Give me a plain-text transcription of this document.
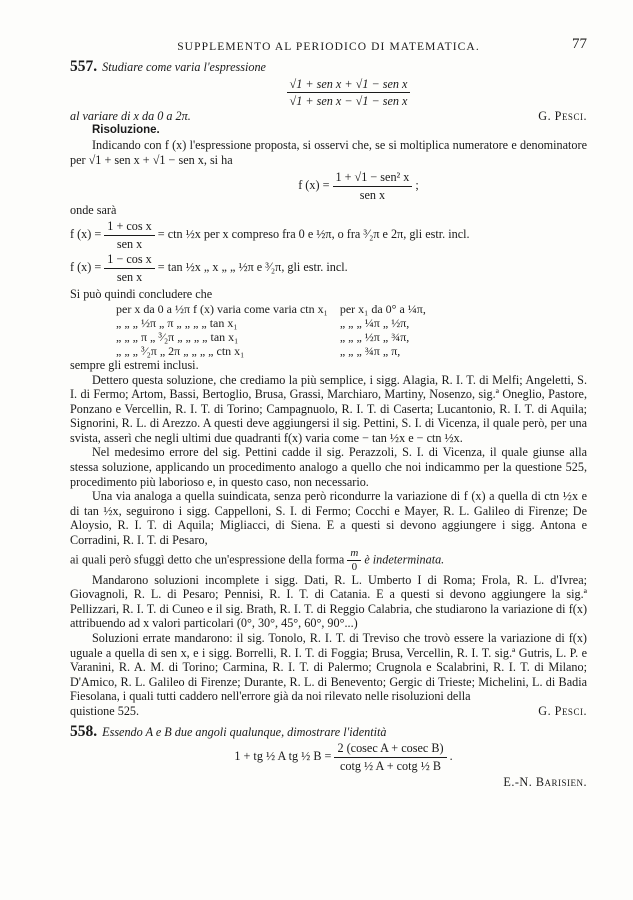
SUPPLEMENTO AL PERIODICO DI MATEMATICA.	77

557. Studiare come varia l'espressione

$\frac{\text{√1 + sen x + √1 − sen x}}{\text{√1 + sen x − √1 − sen x}}$
al variare di x da 0 a 2π.	G. Pesci.

Risoluzione.

Indicando con f (x) l'espressione proposta, si osservi che, se si moltiplica numeratore e denominatore per √1 + sen x + √1 − sen x, si ha

f $(x) = \frac{\text{1 + √1 − sen² x}}{\text{sen x}}$ ;

onde sarà

f $(x) = \frac{\text{1 + cos x}}{\text{sen x}}$ = ctn ½x per x compreso fra 0 e ½π, o fra ³⁄₂π e 2π, gli estr. incl.
f $(x) = \frac{\text{1 − cos x}}{\text{sen x}} = \tan$ ½x „ x „ „ ½π e ³⁄₂π, gli estr. incl.

Si può quindi concludere che

per x da 0 a ½π f (x) varia come varia ctn x₁	per x₁ da 0° a ¼π,
„ „ „ ½π „ π „ „ „ „ tan x₁	„ „ „ ¼π „ ½π,
„ „ „ π „ ³⁄₂π „ „ „ „ tan x₁	„ „ „ ½π „ ¾π,
„ „ „ ³⁄₂π „ 2π „ „ „ „ ctn x₁	„ „ „ ¾π „ π,

sempre gli estremi inclusi.

Dettero questa soluzione, che crediamo la più semplice, i sigg. Alagia, R. I. T. di Melfi; Angeletti, S. I. di Fermo; Artom, Bassi, Bertoglio, Brusa, Grassi, Marchiaro, Martiny, Nosenzo, sig.ª Oneglio, Pastore, Ponzano e Vercellin, R. I. T. di Torino; Campagnuolo, R. I. T. di Caserta; Lucantonio, R. I. T. di Aquila; Signorini, R. L. di Arezzo. A questi deve aggiungersi il sig. Pettini, S. I. di Vicenza, il quale però, per una svista, asserì che negli ultimi due quadranti f(x) varia come − tan ½x e − ctn ½x.

Nel medesimo errore del sig. Pettini cadde il sig. Perazzoli, S. I. di Vicenza, il quale giunse alla stessa soluzione, applicando un procedimento analogo a quello che noi indicammo per la questione 525, procedimento più laborioso e, in questo caso, non necessario.

Una via analoga a quella suindicata, senza però ricondurre la variazione di f (x) a quella di ctn ½x e di tan ½x, seguirono i sigg. Cappelloni, S. I. di Fermo; Cocchi e Mayer, R. L. Galileo di Firenze; De Aloysio, R. I. T. di Aquila; Migliacci, di Siena. E a questi si devono aggiungere i sigg. Antona e Corradini, R. I. T. di Pesaro,

ai quali però sfuggì detto che un'espressione della forma $\frac{m}{0}$ è indeterminata.

Mandarono soluzioni incomplete i sigg. Dati, R. L. Umberto I di Roma; Frola, R. L. d'Ivrea; Giovagnoli, R. L. di Pesaro; Pennisi, R. I. T. di Catania. E a questi si devono aggiungere la sig.ª Pellizzari, R. I. T. di Cuneo e il sig. Brath, R. I. T. di Reggio Calabria, che studiarono la variazione di f(x) attribuendo ad x valori particolari (0°, 30°, 45°, 60°, 90°...)

Soluzioni errate mandarono: il sig. Tonolo, R. I. T. di Treviso che trovò essere la variazione di f(x) uguale a quella di sen x, e i sigg. Borrelli, R. I. T. di Foggia; Brusa, Vercellin, R. I. T. sig.ª Gutris, L. P. e Varanini, R. A. M. di Torino; Carmina, R. I. T. di Palermo; Crugnola e Scalabrini, R. I. T. di Milano; D'Amico, R. L. Galileo di Firenze; Durante, R. L. di Benevento; Gergic di Trieste; Michelini, L. di Badia Fiesolana, i quali tutti caddero nell'errore già da noi rilevato nelle risoluzioni della

quistione 525.	G. Pesci.

558. Essendo A e B due angoli qualunque, dimostrare l'identità

1 + tg ½ A tg ½ $B = \frac{\text{2 (cosec A + cosec B)}}{\text{cotg ½ A + cotg ½ B}}$ .

E.-N. Barisien.
